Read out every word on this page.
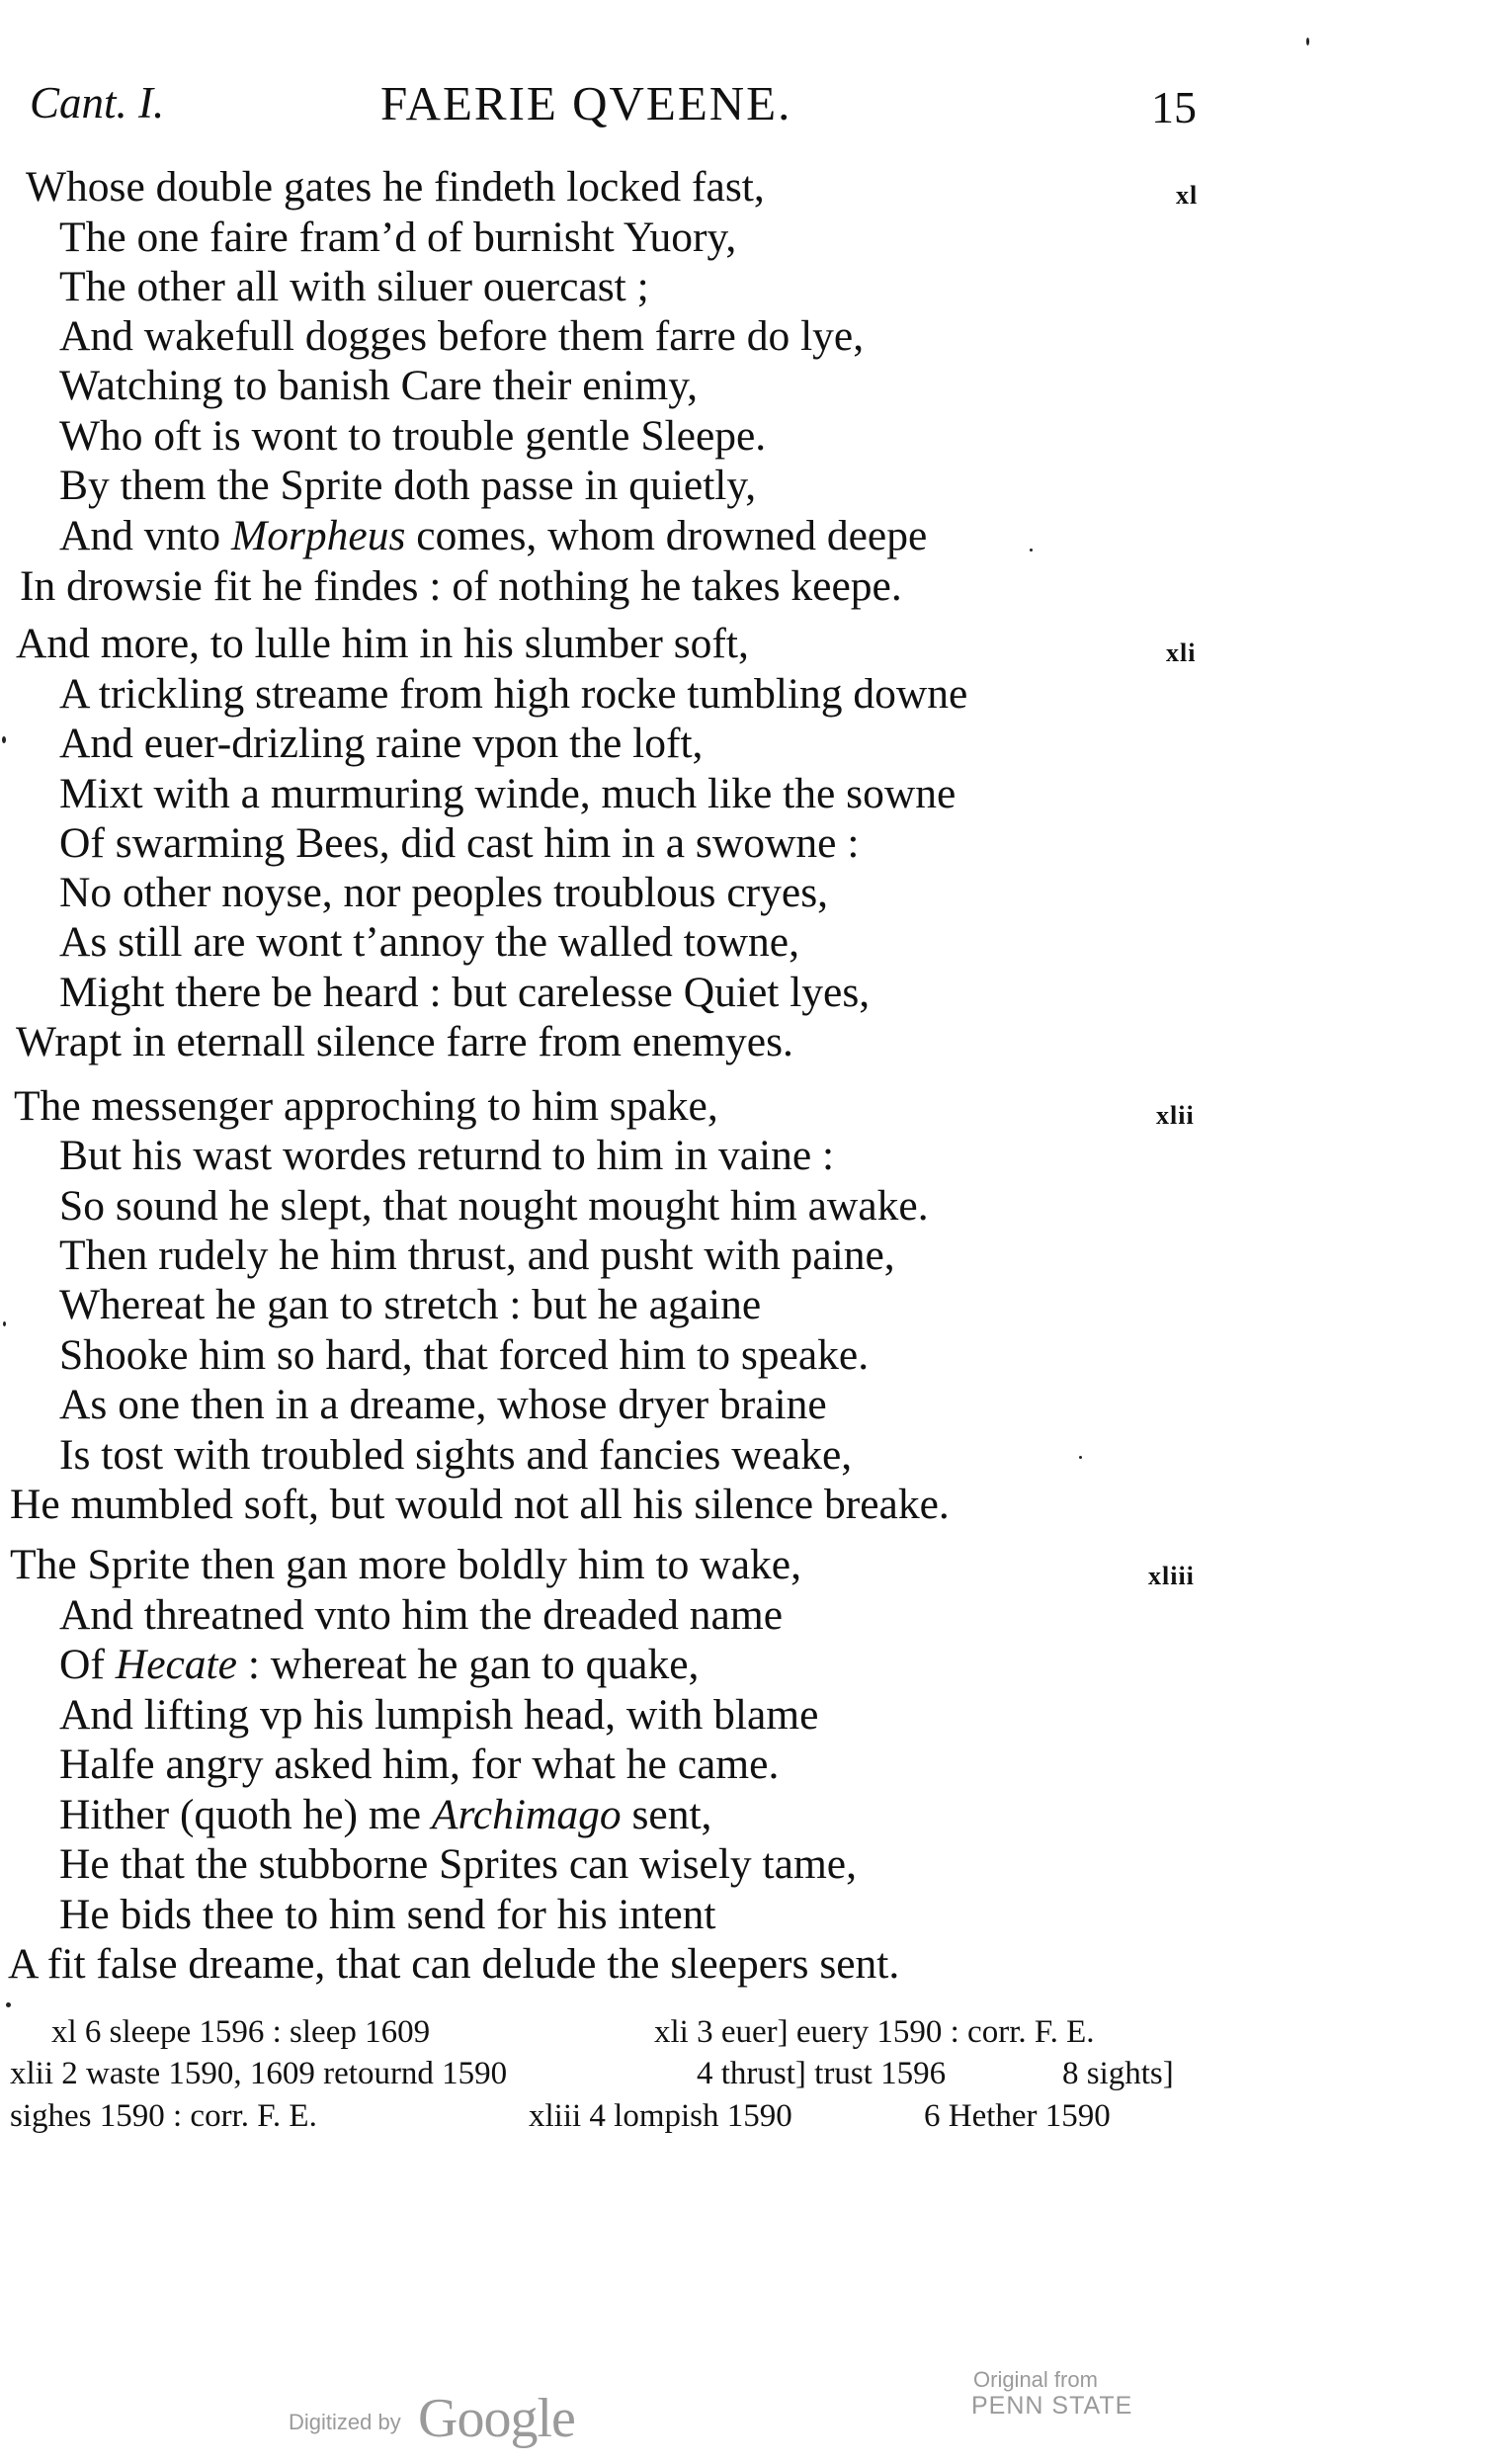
Cant. I.	FAERIE QVEENE.	15
xl
Whose double gates he findeth locked fast,
The one faire fram’d of burnisht Yuory,
The other all with siluer ouercast ;
And wakefull dogges before them farre do lye,
Watching to banish Care their enimy,
Who oft is wont to trouble gentle Sleepe.
By them the Sprite doth passe in quietly,
And vnto Morpheus comes, whom drowned deepe
In drowsie fit he findes : of nothing he takes keepe.
xli
And more, to lulle him in his slumber soft,
A trickling streame from high rocke tumbling downe
And euer-drizling raine vpon the loft,
Mixt with a murmuring winde, much like the sowne
Of swarming Bees, did cast him in a swowne :
No other noyse, nor peoples troublous cryes,
As still are wont t’annoy the walled towne,
Might there be heard : but carelesse Quiet lyes,
Wrapt in eternall silence farre from enemyes.
xlii
The messenger approching to him spake,
But his wast wordes returnd to him in vaine :
So sound he slept, that nought mought him awake.
Then rudely he him thrust, and pusht with paine,
Whereat he gan to stretch : but he againe
Shooke him so hard, that forced him to speake.
As one then in a dreame, whose dryer braine
Is tost with troubled sights and fancies weake,
He mumbled soft, but would not all his silence breake.
xliii
The Sprite then gan more boldly him to wake,
And threatned vnto him the dreaded name
Of Hecate : whereat he gan to quake,
And lifting vp his lumpish head, with blame
Halfe angry asked him, for what he came.
Hither (quoth he) me Archimago sent,
He that the stubborne Sprites can wisely tame,
He bids thee to him send for his intent
A fit false dreame, that can delude the sleepers sent.
xl 6 sleepe 1596 : sleep 1609	xli 3 euer] euery 1590 : corr. F. E.
xlii 2 waste 1590, 1609 retournd 1590	4 thrust] trust 1596	8 sights]
sighes 1590 : corr. F. E.	xliii 4 lompish 1590	6 Hether 1590
Digitized by Google
Original from
PENN STATE
